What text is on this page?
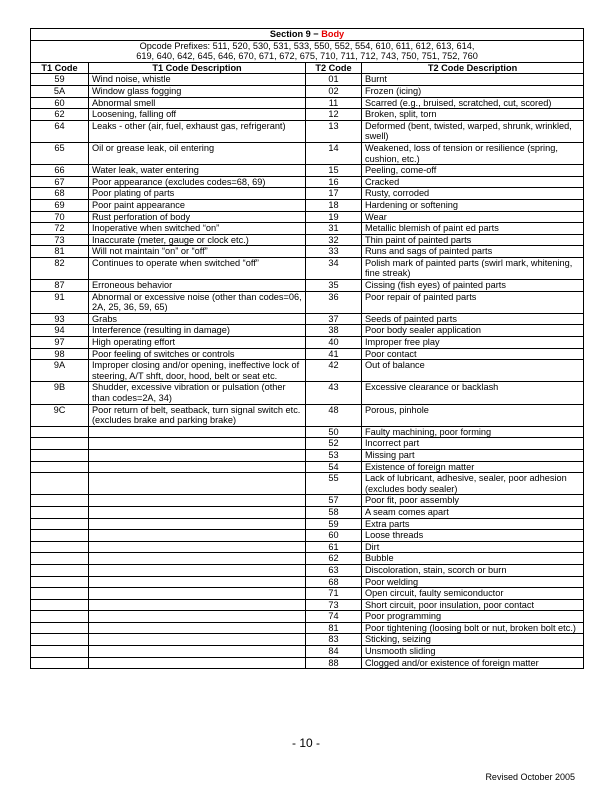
Section 9 − Body			

Opcode Prefixes: 511, 520, 530, 531, 533, 550, 552, 554, 610, 611, 612, 613, 614,
619, 640, 642, 645, 646, 670, 671, 672, 675, 710, 711, 712, 743, 750, 751, 752, 760			

T1 Code	T1 Code Description	T2 Code	T2 Code Description
59	Wind noise, whistle	01	Burnt
5A	Window glass fogging	02	Frozen (icing)
60	Abnormal smell	11	Scarred (e.g., bruised, scratched, cut, scored)
62	Loosening, falling off	12	Broken, split, torn
64	Leaks - other (air, fuel, exhaust gas, refrigerant)	13	Deformed (bent, twisted, warped, shrunk, wrinkled, swell)
65	Oil or grease leak, oil entering	14	Weakened, loss of tension or resilience (spring, cushion, etc.)
66	Water leak, water entering	15	Peeling, come-off
67	Poor appearance (excludes codes=68, 69)	16	Cracked
68	Poor plating of parts	17	Rusty, corroded
69	Poor paint appearance	18	Hardening or softening
70	Rust perforation of body	19	Wear
72	Inoperative when switched “on”	31	Metallic blemish of paint ed parts
73	Inaccurate (meter, gauge or clock etc.)	32	Thin paint of painted parts
81	Will not maintain “on” or “off”	33	Runs and sags of painted parts
82	Continues to operate when switched “off”	34	Polish mark of painted parts (swirl mark, whitening, fine streak)
87	Erroneous behavior	35	Cissing (fish eyes) of painted parts
91	Abnormal or excessive noise (other than codes=06, 2A, 25, 36, 59, 65)	36	Poor repair of painted parts
93	Grabs	37	Seeds of painted parts
94	Interference (resulting in damage)	38	Poor body sealer application
97	High operating effort	40	Improper free play
98	Poor feeling of switches or controls	41	Poor contact
9A	Improper closing and/or opening, ineffective lock of steering, A/T shft, door, hood, belt or seat etc.	42	Out of balance
9B	Shudder, excessive vibration or pulsation (other than codes=2A, 34)	43	Excessive clearance or backlash
9C	Poor return of belt, seatback, turn signal switch etc. (excludes brake and parking brake)	48	Porous, pinhole
		50	Faulty machining, poor forming
		52	Incorrect part
		53	Missing part
		54	Existence of foreign matter
		55	Lack of lubricant, adhesive, sealer, poor adhesion (excludes body sealer)
		57	Poor fit, poor assembly
		58	A seam comes apart
		59	Extra parts
		60	Loose threads
		61	Dirt
		62	Bubble
		63	Discoloration, stain, scorch or burn
		68	Poor welding
		71	Open circuit, faulty semiconductor
		73	Short circuit, poor insulation, poor contact
		74	Poor programming
		81	Poor tightening (loosing bolt or nut, broken bolt etc.)
		83	Sticking, seizing
		84	Unsmooth sliding
		88	Clogged and/or existence of foreign matter
- 10 -
Revised October 2005
